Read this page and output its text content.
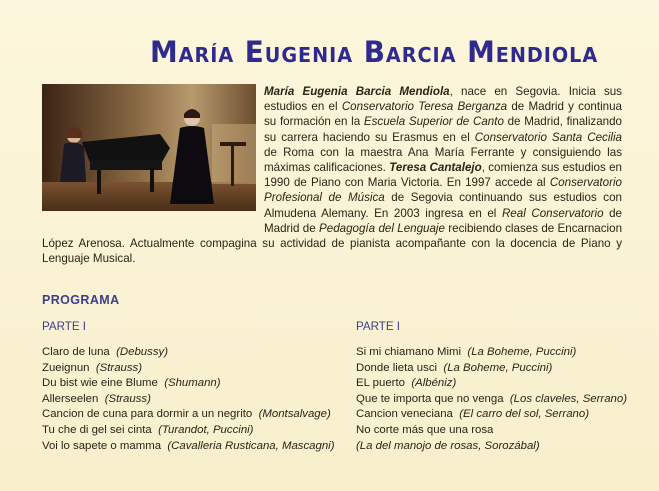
María Eugenia Barcia Mendiola
María Eugenia Barcia Mendiola, nace en Segovia. Inicia sus estudios en el Conservatorio Teresa Berganza de Madrid y continua su formación en la Escuela Superior de Canto de Madrid, finalizando su carrera haciendo su Erasmus en el Conservatorio Santa Cecilia de Roma con la maestra Ana María Ferrante y consiguiendo las máximas calificaciones. Teresa Cantalejo, comienza sus estudios en 1990 de Piano con Maria Victoria. En 1997 accede al Conservatorio Profesional de Música de Segovia continuando sus estudios con Almudena Alemany. En 2003 ingresa en el Real Conservatorio de Madrid de Pedagogía del Lenguaje recibiendo clases de Encarnacion López Arenosa. Actualmente compagina su actividad de pianista acompañante con la docencia de Piano y Lenguaje Musical.
PROGRAMA
PARTE I
Claro de luna (Debussy)
Zueignun (Strauss)
Du bist wie eine Blume (Shumann)
Allerseelen (Strauss)
Cancion de cuna para dormir a un negrito (Montsalvage)
Tu che di gel sei cinta (Turandot, Puccini)
Voi lo sapete o mamma (Cavalleria Rusticana, Mascagni)
PARTE I
Si mi chiamano Mimi (La Boheme, Puccini)
Donde lieta usci (La Boheme, Puccini)
EL puerto (Albéniz)
Que te importa que no venga (Los claveles, Serrano)
Cancion veneciana (El carro del sol, Serrano)
No corte más que una rosa
(La del manojo de rosas, Sorozábal)
